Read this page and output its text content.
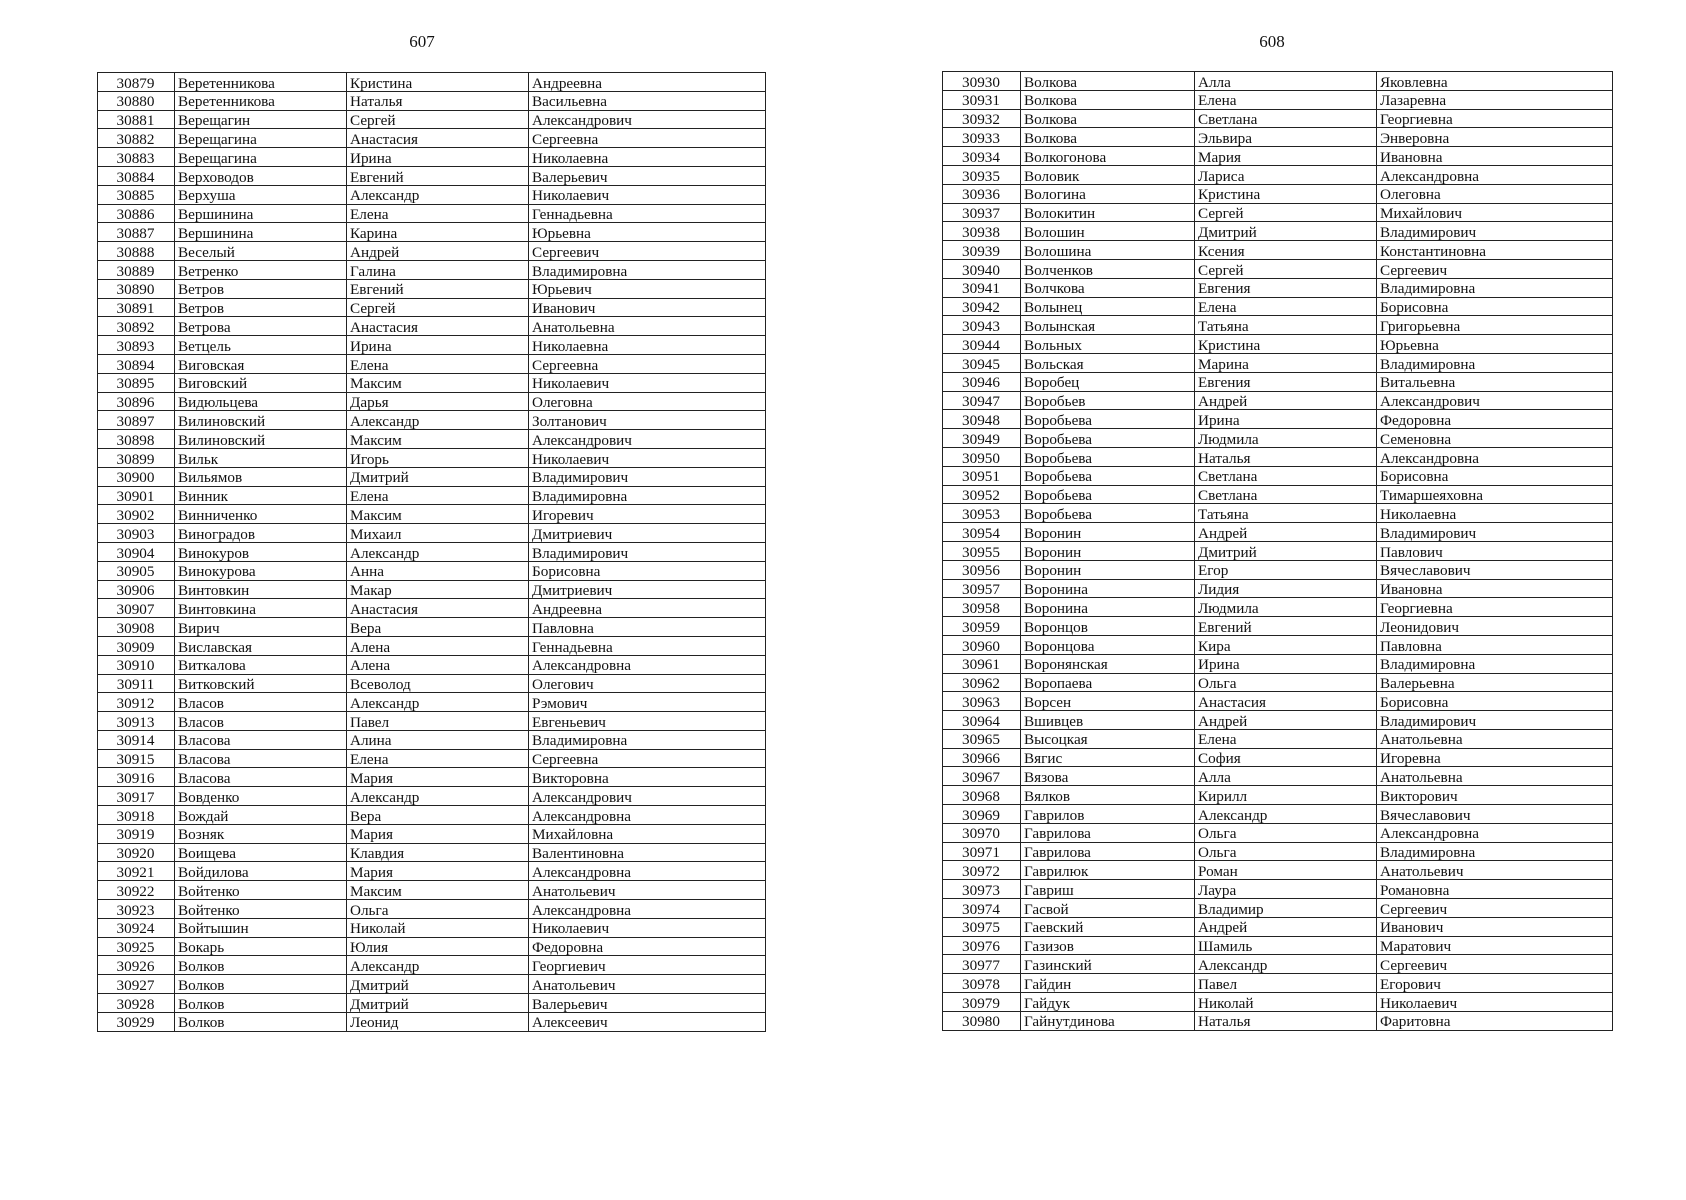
607	608
30879	Веретенникова	Кристина	Андреевна
30880	Веретенникова	Наталья	Васильевна
30881	Верещагин	Сергей	Александрович
30882	Верещагина	Анастасия	Сергеевна
30883	Верещагина	Ирина	Николаевна
30884	Верховодов	Евгений	Валерьевич
30885	Верхуша	Александр	Николаевич
30886	Вершинина	Елена	Геннадьевна
30887	Вершинина	Карина	Юрьевна
30888	Веселый	Андрей	Сергеевич
30889	Ветренко	Галина	Владимировна
30890	Ветров	Евгений	Юрьевич
30891	Ветров	Сергей	Иванович
30892	Ветрова	Анастасия	Анатольевна
30893	Ветцель	Ирина	Николаевна
30894	Виговская	Елена	Сергеевна
30895	Виговский	Максим	Николаевич
30896	Видюльцева	Дарья	Олеговна
30897	Вилиновский	Александр	Золтанович
30898	Вилиновский	Максим	Александрович
30899	Вильк	Игорь	Николаевич
30900	Вильямов	Дмитрий	Владимирович
30901	Винник	Елена	Владимировна
30902	Винниченко	Максим	Игоревич
30903	Виноградов	Михаил	Дмитриевич
30904	Винокуров	Александр	Владимирович
30905	Винокурова	Анна	Борисовна
30906	Винтовкин	Макар	Дмитриевич
30907	Винтовкина	Анастасия	Андреевна
30908	Вирич	Вера	Павловна
30909	Виславская	Алена	Геннадьевна
30910	Виткалова	Алена	Александровна
30911	Витковский	Всеволод	Олегович
30912	Власов	Александр	Рэмович
30913	Власов	Павел	Евгеньевич
30914	Власова	Алина	Владимировна
30915	Власова	Елена	Сергеевна
30916	Власова	Мария	Викторовна
30917	Вовденко	Александр	Александрович
30918	Вождай	Вера	Александровна
30919	Возняк	Мария	Михайловна
30920	Воищева	Клавдия	Валентиновна
30921	Войдилова	Мария	Александровна
30922	Войтенко	Максим	Анатольевич
30923	Войтенко	Ольга	Александровна
30924	Войтышин	Николай	Николаевич
30925	Вокарь	Юлия	Федоровна
30926	Волков	Александр	Георгиевич
30927	Волков	Дмитрий	Анатольевич
30928	Волков	Дмитрий	Валерьевич
30929	Волков	Леонид	Алексеевич
30930	Волкова	Алла	Яковлевна
30931	Волкова	Елена	Лазаревна
30932	Волкова	Светлана	Георгиевна
30933	Волкова	Эльвира	Энверовна
30934	Волкогонова	Мария	Ивановна
30935	Воловик	Лариса	Александровна
30936	Вологина	Кристина	Олеговна
30937	Волокитин	Сергей	Михайлович
30938	Волошин	Дмитрий	Владимирович
30939	Волошина	Ксения	Константиновна
30940	Волченков	Сергей	Сергеевич
30941	Волчкова	Евгения	Владимировна
30942	Волынец	Елена	Борисовна
30943	Волынская	Татьяна	Григорьевна
30944	Вольных	Кристина	Юрьевна
30945	Вольская	Марина	Владимировна
30946	Воробец	Евгения	Витальевна
30947	Воробьев	Андрей	Александрович
30948	Воробьева	Ирина	Федоровна
30949	Воробьева	Людмила	Семеновна
30950	Воробьева	Наталья	Александровна
30951	Воробьева	Светлана	Борисовна
30952	Воробьева	Светлана	Тимаршеяховна
30953	Воробьева	Татьяна	Николаевна
30954	Воронин	Андрей	Владимирович
30955	Воронин	Дмитрий	Павлович
30956	Воронин	Егор	Вячеславович
30957	Воронина	Лидия	Ивановна
30958	Воронина	Людмила	Георгиевна
30959	Воронцов	Евгений	Леонидович
30960	Воронцова	Кира	Павловна
30961	Воронянская	Ирина	Владимировна
30962	Воропаева	Ольга	Валерьевна
30963	Ворсен	Анастасия	Борисовна
30964	Вшивцев	Андрей	Владимирович
30965	Высоцкая	Елена	Анатольевна
30966	Вягис	София	Игоревна
30967	Вязова	Алла	Анатольевна
30968	Вялков	Кирилл	Викторович
30969	Гаврилов	Александр	Вячеславович
30970	Гаврилова	Ольга	Александровна
30971	Гаврилова	Ольга	Владимировна
30972	Гаврилюк	Роман	Анатольевич
30973	Гавриш	Лаура	Романовна
30974	Гасвой	Владимир	Сергеевич
30975	Гаевский	Андрей	Иванович
30976	Газизов	Шамиль	Маратович
30977	Газинский	Александр	Сергеевич
30978	Гайдин	Павел	Егорович
30979	Гайдук	Николай	Николаевич
30980	Гайнутдинова	Наталья	Фаритовна
